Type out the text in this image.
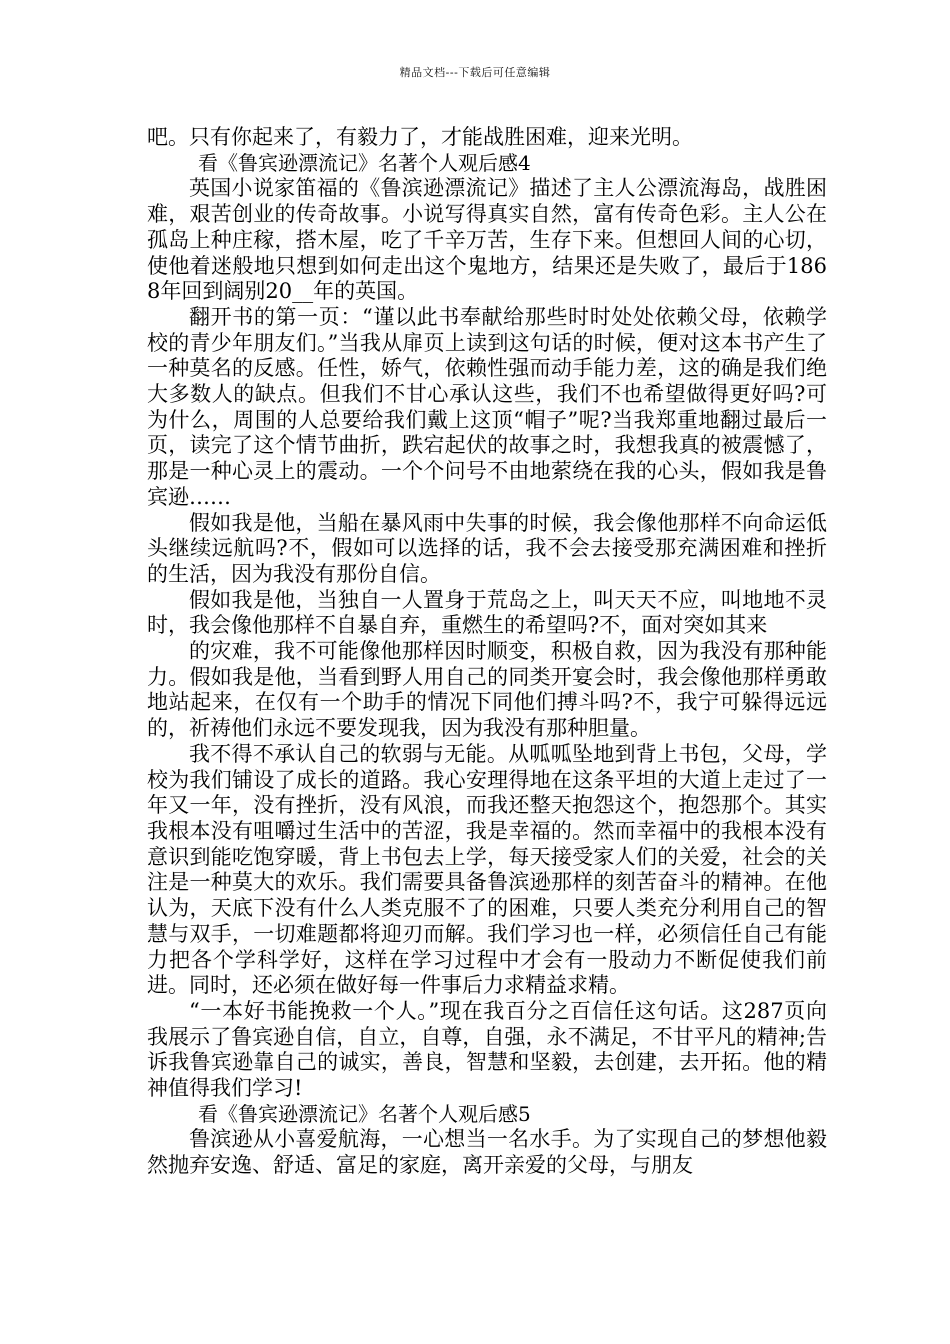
精品文档---下载后可任意编辑

吧。只有你起来了，有毅力了，才能战胜困难，迎来光明。

看《鲁宾逊漂流记》名著个人观后感4

英国小说家笛福的《鲁滨逊漂流记》描述了主人公漂流海岛，战胜困难，艰苦创业的传奇故事。小说写得真实自然，富有传奇色彩。主人公在孤岛上种庄稼，搭木屋，吃了千辛万苦，生存下来。但想回人间的心切，使他着迷般地只想到如何走出这个鬼地方，结果还是失败了，最后于1868年回到阔别20__年的英国。

翻开书的第一页：“谨以此书奉献给那些时时处处依赖父母，依赖学校的青少年朋友们。”当我从扉页上读到这句话的时候，便对这本书产生了一种莫名的反感。任性，娇气，依赖性强而动手能力差，这的确是我们绝大多数人的缺点。但我们不甘心承认这些，我们不也希望做得更好吗?可为什么，周围的人总要给我们戴上这顶“帽子”呢?当我郑重地翻过最后一页，读完了这个情节曲折，跌宕起伏的故事之时，我想我真的被震憾了，那是一种心灵上的震动。一个个问号不由地萦绕在我的心头，假如我是鲁宾逊……

假如我是他，当船在暴风雨中失事的时候，我会像他那样不向命运低头继续远航吗?不，假如可以选择的话，我不会去接受那充满困难和挫折的生活，因为我没有那份自信。

假如我是他，当独自一人置身于荒岛之上，叫天天不应，叫地地不灵时，我会像他那样不自暴自弃，重燃生的希望吗?不，面对突如其来

的灾难，我不可能像他那样因时顺变，积极自救，因为我没有那种能力。假如我是他，当看到野人用自己的同类开宴会时，我会像他那样勇敢地站起来，在仅有一个助手的情况下同他们搏斗吗?不，我宁可躲得远远的，祈祷他们永远不要发现我，因为我没有那种胆量。

我不得不承认自己的软弱与无能。从呱呱坠地到背上书包，父母，学校为我们铺设了成长的道路。我心安理得地在这条平坦的大道上走过了一年又一年，没有挫折，没有风浪，而我还整天抱怨这个，抱怨那个。其实我根本没有咀嚼过生活中的苦涩，我是幸福的。然而幸福中的我根本没有意识到能吃饱穿暖，背上书包去上学，每天接受家人们的关爱，社会的关注是一种莫大的欢乐。我们需要具备鲁滨逊那样的刻苦奋斗的精神。在他认为，天底下没有什么人类克服不了的困难，只要人类充分利用自己的智慧与双手，一切难题都将迎刃而解。我们学习也一样，必须信任自己有能力把各个学科学好，这样在学习过程中才会有一股动力不断促使我们前进。同时，还必须在做好每一件事后力求精益求精。

“一本好书能挽救一个人。”现在我百分之百信任这句话。这287页向我展示了鲁宾逊自信，自立，自尊，自强，永不满足，不甘平凡的精神;告诉我鲁宾逊靠自己的诚实，善良，智慧和坚毅，去创建，去开拓。他的精神值得我们学习!

看《鲁宾逊漂流记》名著个人观后感5

鲁滨逊从小喜爱航海，一心想当一名水手。为了实现自己的梦想他毅然抛弃安逸、舒适、富足的家庭，离开亲爱的父母，与朋友
